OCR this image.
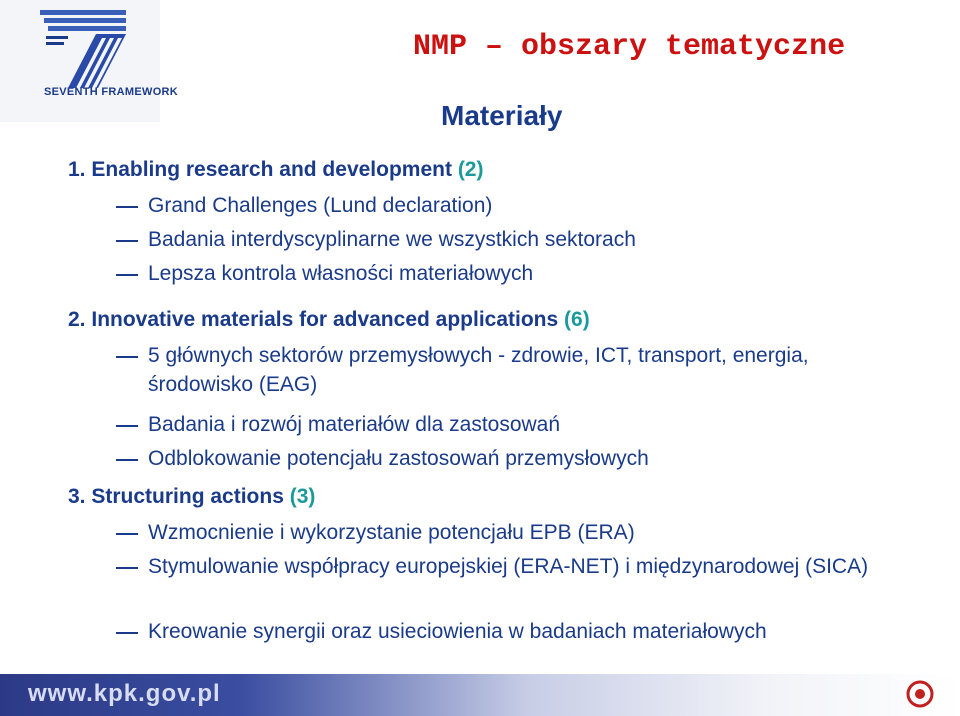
SEVENTH FRAMEWORK
NMP – obszary tematyczne
Materiały
1. Enabling research and development (2)
Grand Challenges (Lund declaration)
Badania interdyscyplinarne we wszystkich sektorach
Lepsza kontrola własności materiałowych
2. Innovative materials for advanced applications (6)
5 głównych sektorów przemysłowych - zdrowie, ICT, transport, energia, środowisko (EAG)
Badania i rozwój materiałów dla zastosowań
Odblokowanie potencjału zastosowań przemysłowych
3. Structuring actions (3)
Wzmocnienie i wykorzystanie potencjału EPB (ERA)
Stymulowanie współpracy europejskiej (ERA-NET) i międzynarodowej (SICA)
Kreowanie synergii oraz usieciowienia w badaniach materiałowych
www.kpk.gov.pl
